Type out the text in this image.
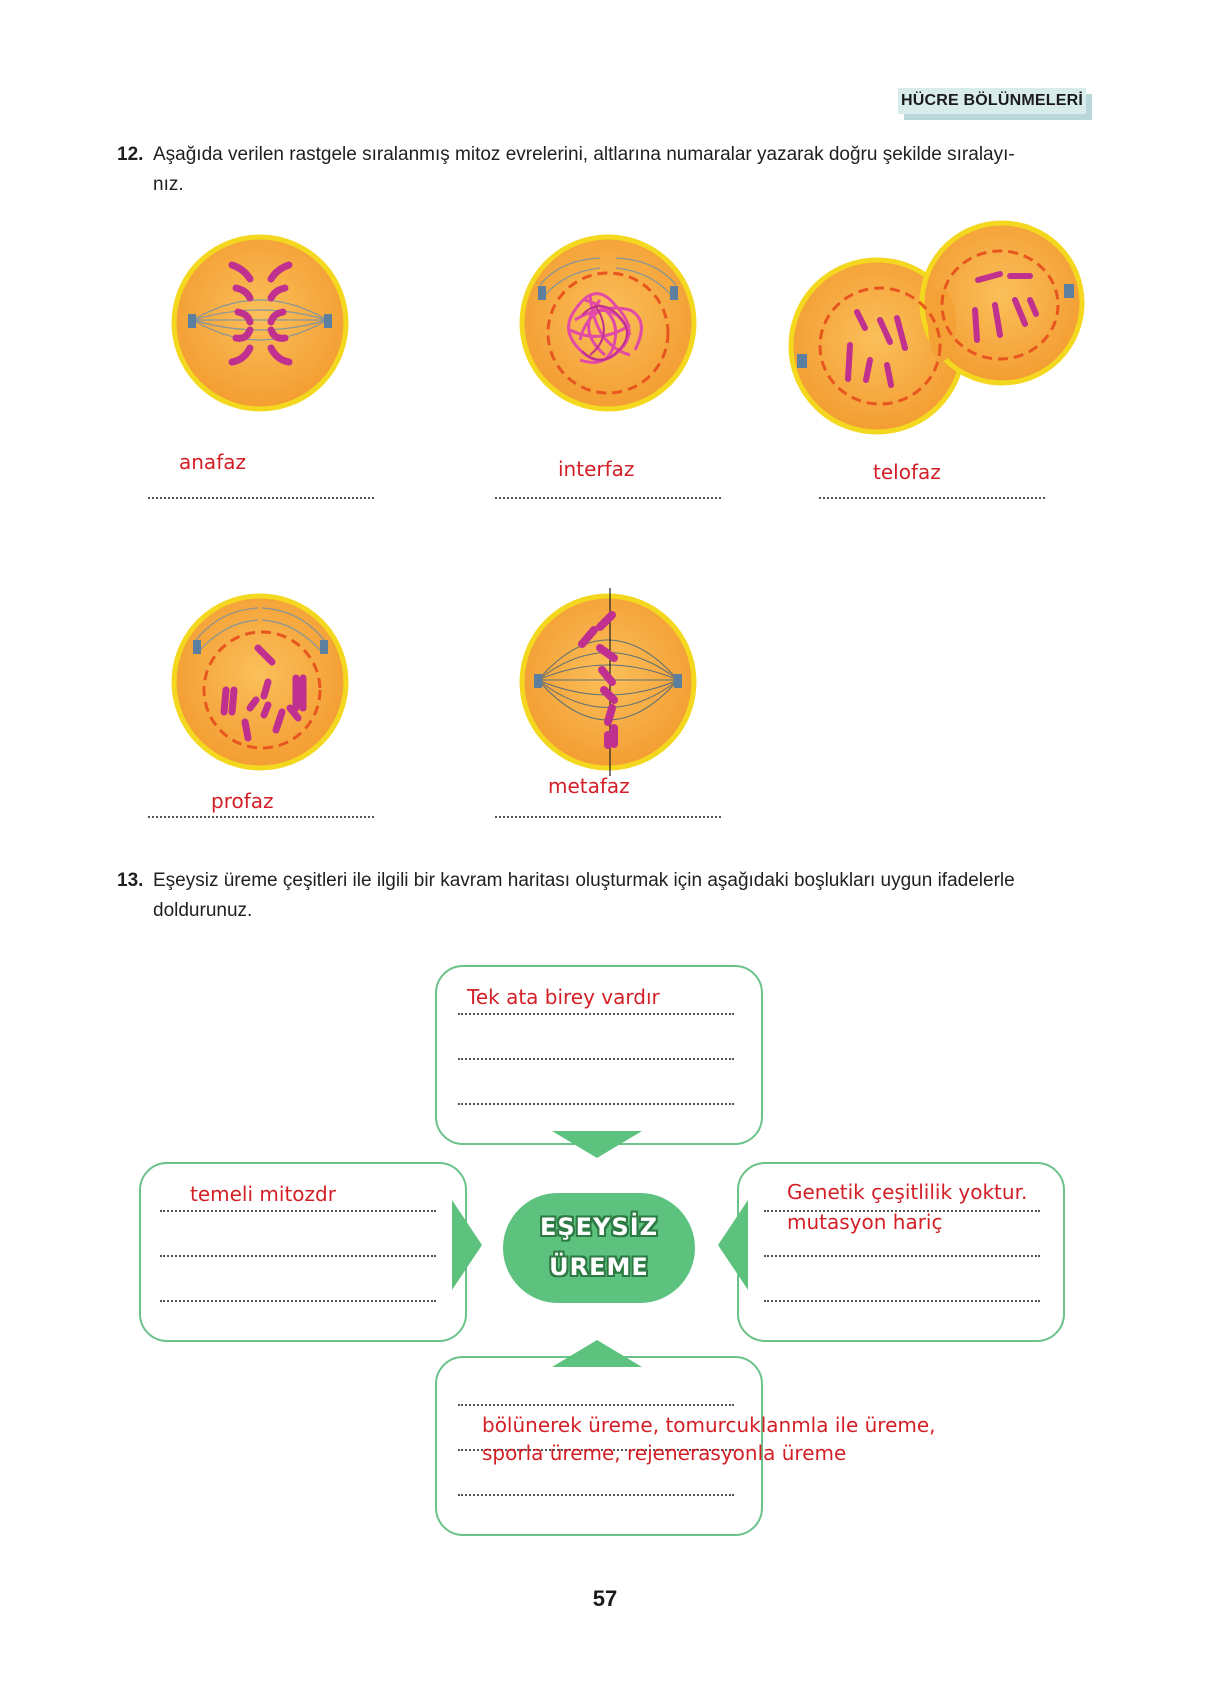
HÜCRE BÖLÜNMELERİ
12. Aşağıda verilen rastgele sıralanmış mitoz evrelerini, altlarına numaralar yazarak doğru şekilde sıralayı-
nız.
anafaz	interfaz	telofaz
profaz
metafaz
13. Eşeysiz üreme çeşitleri ile ilgili bir kavram haritası oluşturmak için aşağıdaki boşlukları uygun ifadelerle
doldurunuz.
EŞEYSİZ
ÜREME
Tek ata birey vardır
temeli mitozdr	Genetik çeşitlilik yoktur.
mutasyon hariç
bölünerek üreme, tomurcuklanmla ile üreme,
sporla üreme, rejenerasyonla üreme
57
